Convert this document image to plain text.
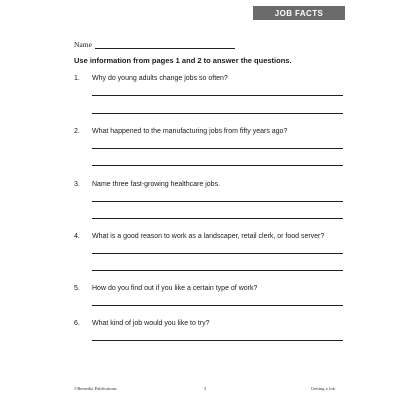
JOB FACTS
Name
Use information from pages 1 and 2 to answer the questions.
1.	Why do young adults change jobs so often?
2.	What happened to the manufacturing jobs from fifty years ago?
3.	Name three fast-growing healthcare jobs.
4.	What is a good reason to work as a landscaper, retail clerk, or food server?
5.	How do you find out if you like a certain type of work?
6.	What kind of job would you like to try?
©Remedia Publications	3	Getting a Job
